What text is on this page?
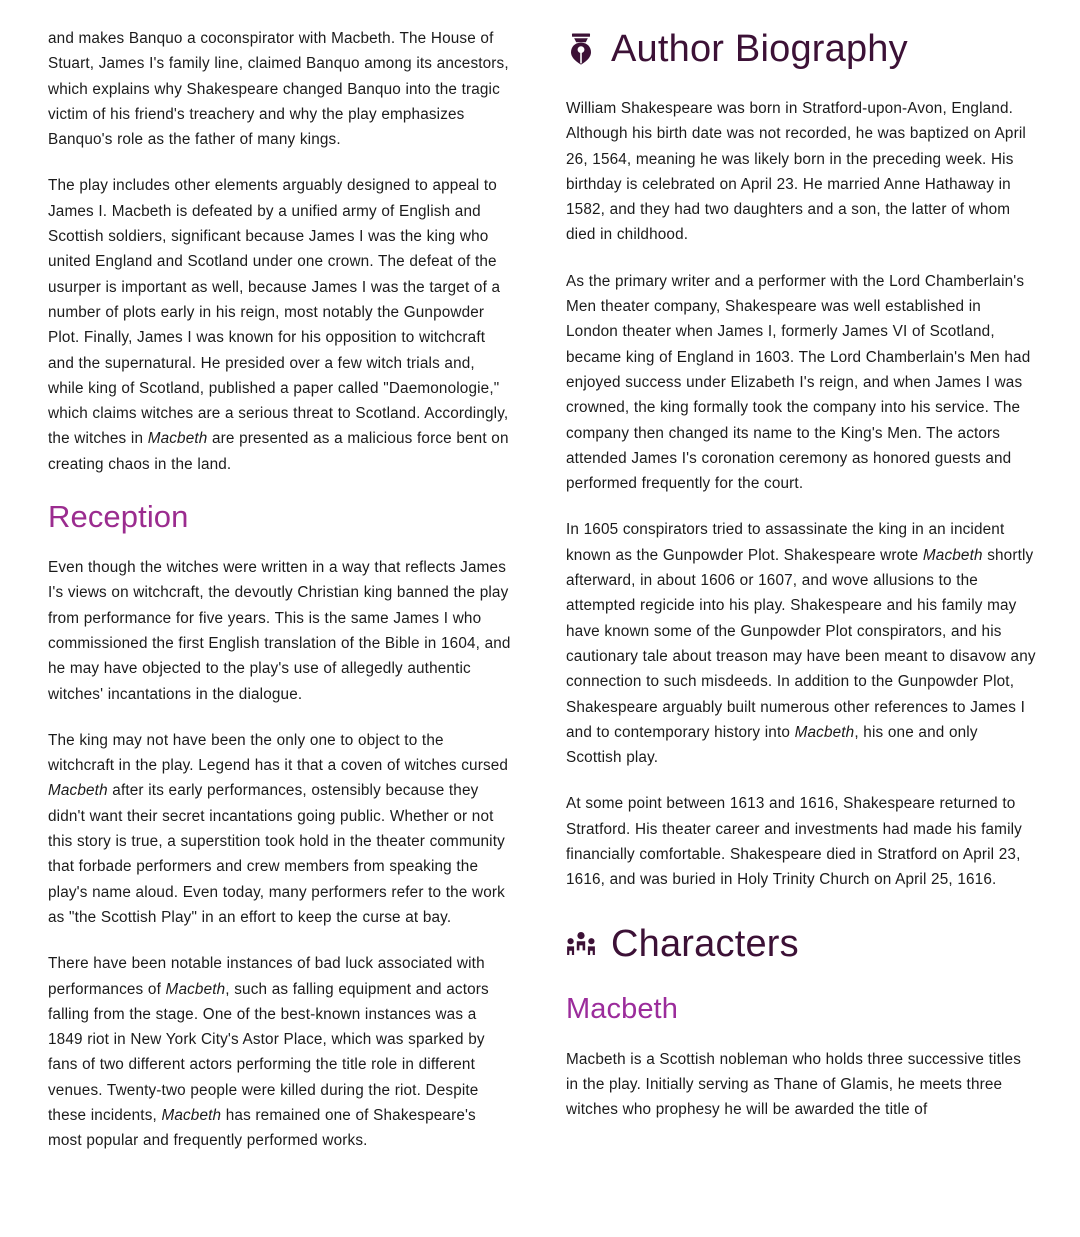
and makes Banquo a coconspirator with Macbeth. The House of Stuart, James I's family line, claimed Banquo among its ancestors, which explains why Shakespeare changed Banquo into the tragic victim of his friend's treachery and why the play emphasizes Banquo's role as the father of many kings.

The play includes other elements arguably designed to appeal to James I. Macbeth is defeated by a unified army of English and Scottish soldiers, significant because James I was the king who united England and Scotland under one crown. The defeat of the usurper is important as well, because James I was the target of a number of plots early in his reign, most notably the Gunpowder Plot. Finally, James I was known for his opposition to witchcraft and the supernatural. He presided over a few witch trials and, while king of Scotland, published a paper called "Daemonologie," which claims witches are a serious threat to Scotland. Accordingly, the witches in Macbeth are presented as a malicious force bent on creating chaos in the land.

Reception

Even though the witches were written in a way that reflects James I's views on witchcraft, the devoutly Christian king banned the play from performance for five years. This is the same James I who commissioned the first English translation of the Bible in 1604, and he may have objected to the play's use of allegedly authentic witches' incantations in the dialogue.

The king may not have been the only one to object to the witchcraft in the play. Legend has it that a coven of witches cursed Macbeth after its early performances, ostensibly because they didn't want their secret incantations going public. Whether or not this story is true, a superstition took hold in the theater community that forbade performers and crew members from speaking the play's name aloud. Even today, many performers refer to the work as "the Scottish Play" in an effort to keep the curse at bay.

There have been notable instances of bad luck associated with performances of Macbeth, such as falling equipment and actors falling from the stage. One of the best-known instances was a 1849 riot in New York City's Astor Place, which was sparked by fans of two different actors performing the title role in different venues. Twenty-two people were killed during the riot. Despite these incidents, Macbeth has remained one of Shakespeare's most popular and frequently performed works.

Author Biography

William Shakespeare was born in Stratford-upon-Avon, England. Although his birth date was not recorded, he was baptized on April 26, 1564, meaning he was likely born in the preceding week. His birthday is celebrated on April 23. He married Anne Hathaway in 1582, and they had two daughters and a son, the latter of whom died in childhood.

As the primary writer and a performer with the Lord Chamberlain's Men theater company, Shakespeare was well established in London theater when James I, formerly James VI of Scotland, became king of England in 1603. The Lord Chamberlain's Men had enjoyed success under Elizabeth I's reign, and when James I was crowned, the king formally took the company into his service. The company then changed its name to the King's Men. The actors attended James I's coronation ceremony as honored guests and performed frequently for the court.

In 1605 conspirators tried to assassinate the king in an incident known as the Gunpowder Plot. Shakespeare wrote Macbeth shortly afterward, in about 1606 or 1607, and wove allusions to the attempted regicide into his play. Shakespeare and his family may have known some of the Gunpowder Plot conspirators, and his cautionary tale about treason may have been meant to disavow any connection to such misdeeds. In addition to the Gunpowder Plot, Shakespeare arguably built numerous other references to James I and to contemporary history into Macbeth, his one and only Scottish play.

At some point between 1613 and 1616, Shakespeare returned to Stratford. His theater career and investments had made his family financially comfortable. Shakespeare died in Stratford on April 23, 1616, and was buried in Holy Trinity Church on April 25, 1616.

Characters
Macbeth

Macbeth is a Scottish nobleman who holds three successive titles in the play. Initially serving as Thane of Glamis, he meets three witches who prophesy he will be awarded the title of
